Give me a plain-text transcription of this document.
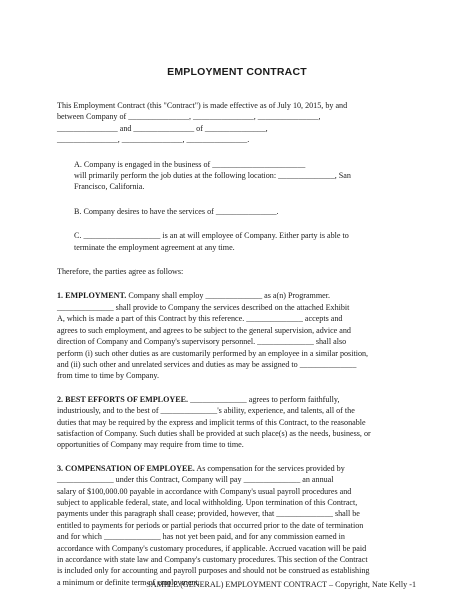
EMPLOYMENT CONTRACT
This Employment Contract (this "Contract") is made effective as of July 10, 2015, by and
between Company of _______________, _______________, _______________,
_______________ and _______________ of _______________,
_______________, _______________, _______________.
A. Company is engaged in the business of _______________________
will primarily perform the job duties at the following location: ______________, San
Francisco, California.
B. Company desires to have the services of _______________.
C. ___________________ is an at will employee of Company. Either party is able to
terminate the employment agreement at any time.
Therefore, the parties agree as follows:
1. EMPLOYMENT. Company shall employ ______________ as a(n) Programmer.
______________ shall provide to Company the services described on the attached Exhibit
A, which is made a part of this Contract by this reference. ______________ accepts and
agrees to such employment, and agrees to be subject to the general supervision, advice and
direction of Company and Company's supervisory personnel. ______________ shall also
perform (i) such other duties as are customarily performed by an employee in a similar position,
and (ii) such other and unrelated services and duties as may be assigned to ______________
from time to time by Company.
2. BEST EFFORTS OF EMPLOYEE. ______________ agrees to perform faithfully,
industriously, and to the best of ______________'s ability, experience, and talents, all of the
duties that may be required by the express and implicit terms of this Contract, to the reasonable
satisfaction of Company. Such duties shall be provided at such place(s) as the needs, business, or
opportunities of Company may require from time to time.
3. COMPENSATION OF EMPLOYEE. As compensation for the services provided by
______________ under this Contract, Company will pay ______________ an annual
salary of $100,000.00 payable in accordance with Company's usual payroll procedures and
subject to applicable federal, state, and local withholding. Upon termination of this Contract,
payments under this paragraph shall cease; provided, however, that ______________ shall be
entitled to payments for periods or partial periods that occurred prior to the date of termination
and for which ______________ has not yet been paid, and for any commission earned in
accordance with Company's customary procedures, if applicable. Accrued vacation will be paid
in accordance with state law and Company's customary procedures. This section of the Contract
is included only for accounting and payroll purposes and should not be construed as establishing
a minimum or definite term of employment.
SAMPLE (GENERAL) EMPLOYMENT CONTRACT – Copyright, Nate Kelly -1
